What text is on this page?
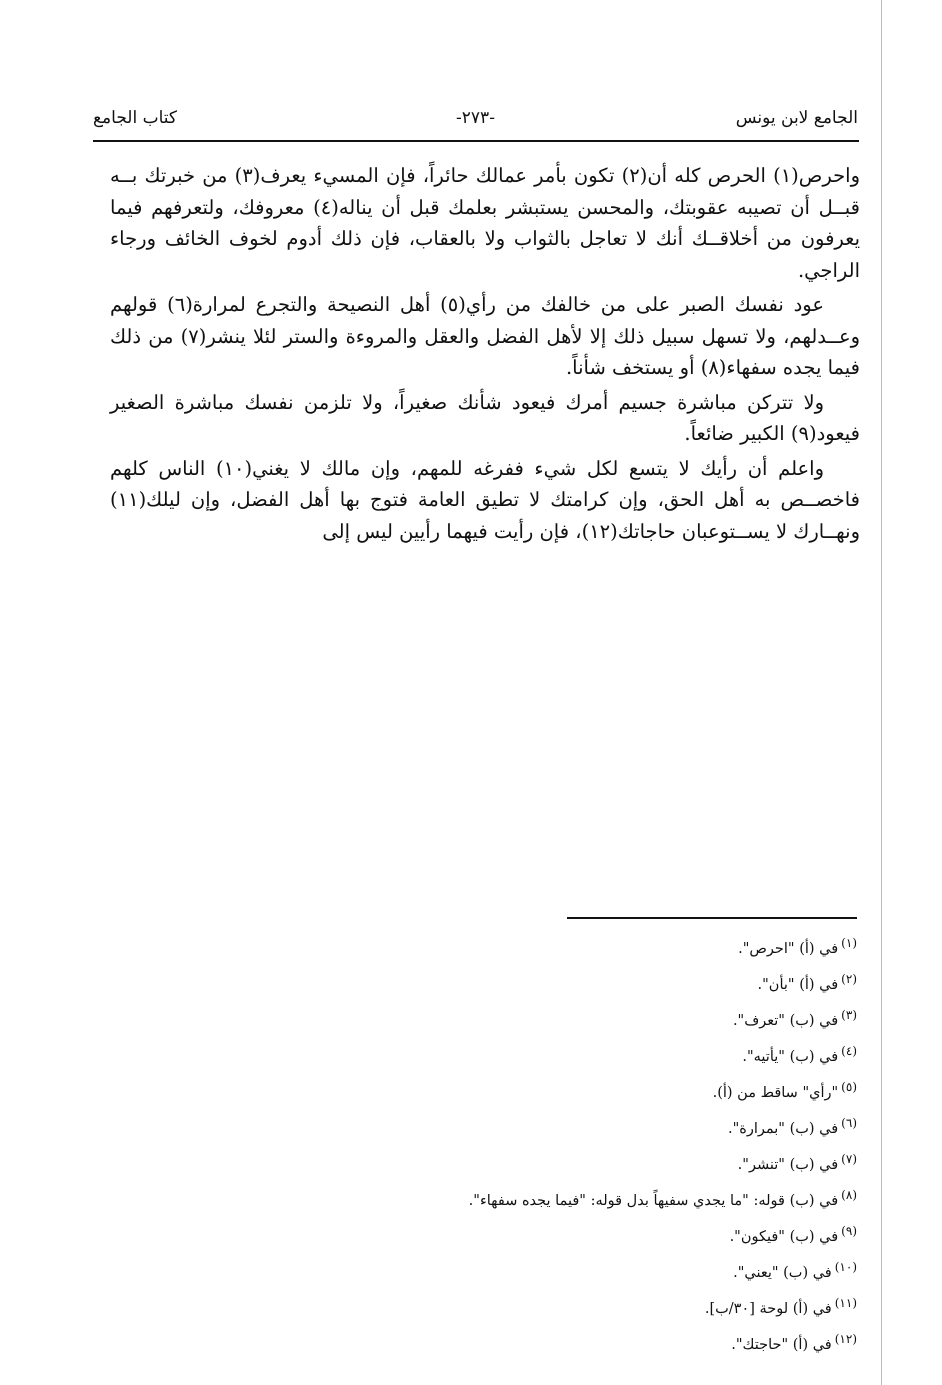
الجامع لابن يونس
-٢٧٣-
كتاب الجامع

واحرص(١) الحرص كله أن(٢) تكون بأمر عمالك حائراً، فإن المسيء يعرف(٣) من خبرتك بــه قبــل أن تصيبه عقوبتك، والمحسن يستبشر بعلمك قبل أن يناله(٤) معروفك، ولتعرفهم فيما يعرفون من أخلاقــك أنك لا تعاجل بالثواب ولا بالعقاب، فإن ذلك أدوم لخوف الخائف ورجاء الراجي.

عود نفسك الصبر على من خالفك من رأي(٥) أهل النصيحة والتجرع لمرارة(٦) قولهم وعــدلهم، ولا تسهل سبيل ذلك إلا لأهل الفضل والعقل والمروءة والستر لئلا ينشر(٧) من ذلك فيما يجده سفهاء(٨) أو يستخف شأناً.

ولا تتركن مباشرة جسيم أمرك فيعود شأنك صغيراً، ولا تلزمن نفسك مباشرة الصغير فيعود(٩) الكبير ضائعاً.

واعلم أن رأيك لا يتسع لكل شيء ففرغه للمهم، وإن مالك لا يغني(١٠) الناس كلهم فاخصــص به أهل الحق، وإن كرامتك لا تطيق العامة فتوج بها أهل الفضل، وإن ليلك(١١) ونهــارك لا يســتوعبان حاجاتك(١٢)، فإن رأيت فيهما رأيين ليس إلى

$^{(١)}$في (أ) "احرص".
$^{(٢)}$في (أ) "بأن".
$^{(٣)}$في (ب) "تعرف".
$^{(٤)}$في (ب) "يأتيه".
$^{(٥)}$"رأي" ساقط من (أ).
$^{(٦)}$في (ب) "بمرارة".
$^{(٧)}$في (ب) "تنشر".
$^{(٨)}$في (ب) قوله: "ما يجدي سفيهاً بدل قوله: "فيما يجده سفهاء".
$^{(٩)}$في (ب) "فيكون".
$^{(١٠)}$في (ب) "يعني".
$^{(١١)}$في (أ) لوحة [٣٠/ب].
$^{(١٢)}$في (أ) "حاجتك".
